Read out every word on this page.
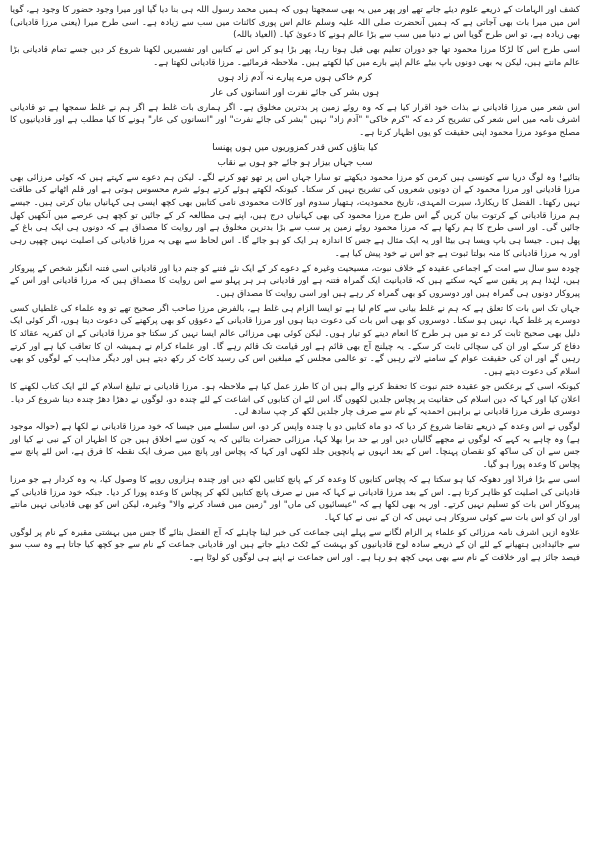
کشف اور الہامات کے ذریعے علوم دیئے جاتے تھے اور پھر میں یہ بھی سمجھتا ہوں کہ ہمیں محمد رسول اللہ ہی بنا دیا گیا اور میرا وجود حضور کا وجود ہے، گویا اس میں میرا بات بھی آجاتی ہے کہ ہمیں آنحضرت صلی اللہ علیہ وسلم عالم اس پوری کائنات میں سب سے زیادہ ہے۔ اسی طرح میرا (یعنی مرزا قادیانی) بھی زیادہ ہے، تو اس طرح گویا اس نے دنیا میں سب سے بڑا عالم ہونے کا دعویٰ کیا۔ (العیاذ باللہ)

اسی طرح اس کا لڑکا مرزا محمود تھا جو دوران تعلیم بھی فیل ہوتا رہا، پھر بڑا ہو کر اس نے کتابیں اور تفسیریں لکھنا شروع کر دیں جسے تمام قادیانی بڑا عالم مانتے ہیں، لیکن یہ بھی دونوں باپ بیٹے عالم اپنے بارے میں کیا لکھتے ہیں۔ ملاحظہ فرمائیے۔ مرزا قادیانی لکھتا ہے۔

کرم خاکی ہوں مرے پیارے نہ آدم زاد ہوں
ہوں بشر کی جائے نفرت اور انسانوں کی عار

اس شعر میں مرزا قادیانی نے بذات خود اقرار کیا ہے کہ وہ روئے زمین پر بدترین مخلوق ہے۔ اگر ہماری بات غلط ہے اگر ہم نے غلط سمجھا ہے تو قادیانی اشرف نامہ میں اس شعر کی تشریح کر دے کہ "کرم خاکی" "آدم زاد" نہیں "بشر کی جائے نفرت" اور "انسانوں کی عار" ہونے کا کیا مطلب ہے اور قادیانیوں کا مصلح موعود مرزا محمود اپنی حقیقت کو یوں اظہار کرتا ہے۔

کیا بتاؤں کس قدر کمزوریوں میں ہوں پھنسا
سب جہاں بیزار ہو جائے جو ہوں بے نقاب

بتائیے! وہ لوگ دریا سے کونسی ہیں کرمن کو مرزا محمود دیکھتے تو سارا جہاں اس پر تھو تھو کرنے لگے۔ لیکن ہم دعوے سے کہتے ہیں کہ کوئی مرزائی بھی مرزا قادیانی اور مرزا محمود کے ان دونوں شعروں کی تشریح نہیں کر سکتا۔ کیونکہ لکھتے ہوئے کرتے ہوئے شرم محسوس ہوتی ہے اور قلم اٹھانے کی طاقت نہیں رکھتا۔ الفضل کا ریکارڈ، سیرت المہدی، تاریخ محمودیت، ہتھیار سدوم اور کالات محمودی نامی کتابیں بھی کچھ ایسی ہی کہانیاں بیان کرتی ہیں۔ جیسے ہم مرزا قادیانی کے کرتوت بیان کریں گے اس طرح مرزا محمود کی بھی کہانیاں درج ہیں، اپنے ہی مطالعہ کر کے جائیں تو کچھ ہی عرصے میں آنکھیں کھل جائیں گی۔ اور اسی طرح کا ہم رکھا ہے کہ مرزا محمود روئے زمین پر سب سے بڑا بدترین مخلوق ہے اور روایت کا مصداق ہے کہ دونوں ہی ایک ہی باغ کے پھل ہیں۔ جیسا ہی باپ ویسا ہی بیٹا اور یہ ایک مثال ہے جس کا اندازہ ہر ایک کو ہو جائے گا۔ اس لحاظ سے بھی یہ مرزا قادیانی کی اصلیت نہیں چھپی رہی اور یہ مرزا قادیانی کا منہ بولتا ثبوت ہے جو اس نے خود پیش کیا ہے۔

چودہ سو سال سے امت کے اجماعی عقیدہ کے خلاف نبوت، مسیحیت وغیرہ کے دعوے کر کے ایک نئے فتنے کو جنم دیا اور قادیانی اسی فتنہ انگیز شخص کے پیروکار ہیں، لہٰذا ہم پر یقین سے کہہ سکتے ہیں کہ قادیانیت ایک گمراہ فتنہ ہے اور قادیانی ہر ہر پہلو سے اس روایت کا مصداق ہیں کہ مرزا قادیانی اور اس کے پیروکار دونوں ہی گمراہ ہیں اور دوسروں کو بھی گمراہ کر رہے ہیں اور اسی روایت کا مصداق ہیں۔

جہاں تک اس بات کا تعلق ہے کہ ہم نے غلط بیانی سے کام لیا ہے تو ایسا الزام ہی غلط ہے، بالفرض مرزا صاحب اگر صحیح تھے تو وہ علماء کی غلطیاں کسی دوسرے پر غلط کہا، نہیں ہو سکتا۔ دوسروں کو بھی اس بات کی دعوت دیتا ہوں اور مرزا قادیانی کے دعوؤں کو بھی پرکھنے کی دعوت دیتا ہوں، اگر کوئی ایک دلیل بھی صحیح ثابت کر دے تو میں ہر طرح کا انعام دینے کو تیار ہوں۔ لیکن کوئی بھی مرزائی عالم ایسا نہیں کر سکتا جو مرزا قادیانی کے ان کفریہ عقائد کا دفاع کر سکے اور ان کی سچائی ثابت کر سکے۔ یہ چیلنج آج بھی قائم ہے اور قیامت تک قائم رہے گا۔ اور علماء کرام نے ہمیشہ ان کا تعاقب کیا ہے اور کرتے رہیں گے اور ان کی حقیقت عوام کے سامنے لاتے رہیں گے۔ تو عالمی مجلس کے مبلغین اس کی رسید کاٹ کر رکھ دیتے ہیں اور دیگر مذاہب کے لوگوں کو بھی اسلام کی دعوت دیتے ہیں۔

کیونکہ اسی کے برعکس جو عقیدہ ختم نبوت کا تحفظ کرنے والے ہیں ان کا طرز عمل کیا ہے ملاحظہ ہو۔ مرزا قادیانی نے تبلیغ اسلام کے لئے ایک کتاب لکھنے کا اعلان کیا اور کہا کہ دین اسلام کی حقانیت پر پچاس جلدیں لکھوں گا، اس لئے ان کتابوں کی اشاعت کے لئے چندہ دو، لوگوں نے دھڑا دھڑ چندہ دینا شروع کر دیا۔ دوسری طرف مرزا قادیانی نے براہین احمدیہ کے نام سے صرف چار جلدیں لکھ کر چپ سادھ لی۔

لوگوں نے اس وعدہ کے ذریعے تقاضا شروع کر دیا کہ دو ماہ کتابیں دو یا چندہ واپس کر دو، اس سلسلے میں جیسا کہ خود مرزا قادیانی نے لکھا ہے (حوالہ موجود ہے) وہ چاہے یہ کہے کہ لوگوں نے مجھے گالیاں دیں اور بے حد برا بھلا کہا، مرزائی حضرات بتائیں کہ یہ کون سے اخلاق ہیں جن کا اظہار ان کے نبی نے کیا اور جس سے ان کی ساکھ کو نقصان پہنچا۔ اس کے بعد انہوں نے پانچویں جلد لکھی اور کہا کہ پچاس اور پانچ میں صرف ایک نقطہ کا فرق ہے، اس لئے پانچ سے پچاس کا وعدہ پورا ہو گیا۔

اسی سے بڑا فراڈ اور دھوکہ کیا ہو سکتا ہے کہ پچاس کتابوں کا وعدہ کر کے پانچ کتابیں لکھ دیں اور چندہ ہزاروں روپے کا وصول کیا، یہ وہ کردار ہے جو مرزا قادیانی کی اصلیت کو ظاہر کرتا ہے۔ اس کے بعد مرزا قادیانی نے کہا کہ میں نے صرف پانچ کتابیں لکھ کر پچاس کا وعدہ پورا کر دیا۔ جبکہ خود مرزا قادیانی کے پیروکار اس بات کو تسلیم نہیں کرتے۔ اور یہ بھی لکھا ہے کہ "عیسائیوں کی ماں" اور "زمین میں فساد کرنے والا" وغیرہ، لیکن اس کو بھی قادیانی نہیں مانتے اور ان کو اس بات سے کوئی سروکار ہی نہیں کہ ان کے نبی نے کیا کہا۔

علاوہ ازیں اشرف نامہ مرزائی کو علماء پر الزام لگانے سے پہلے اپنی جماعت کی خبر لینا چاہئے کہ آج الفضل بتائے گا جس میں بہشتی مقبرہ کے نام پر لوگوں سے جائیدادیں ہتھیانے کے لئے ان کے ذریعے سادہ لوح قادیانیوں کو بہشت کے ٹکٹ دیئے جاتے ہیں اور قادیانی جماعت کے نام سے جو کچھ کیا جاتا ہے وہ سب سو فیصد جائز ہے اور خلافت کے نام سے بھی یہی کچھ ہو رہا ہے۔ اور اس جماعت نے اپنے ہی لوگوں کو لوٹا ہے۔
